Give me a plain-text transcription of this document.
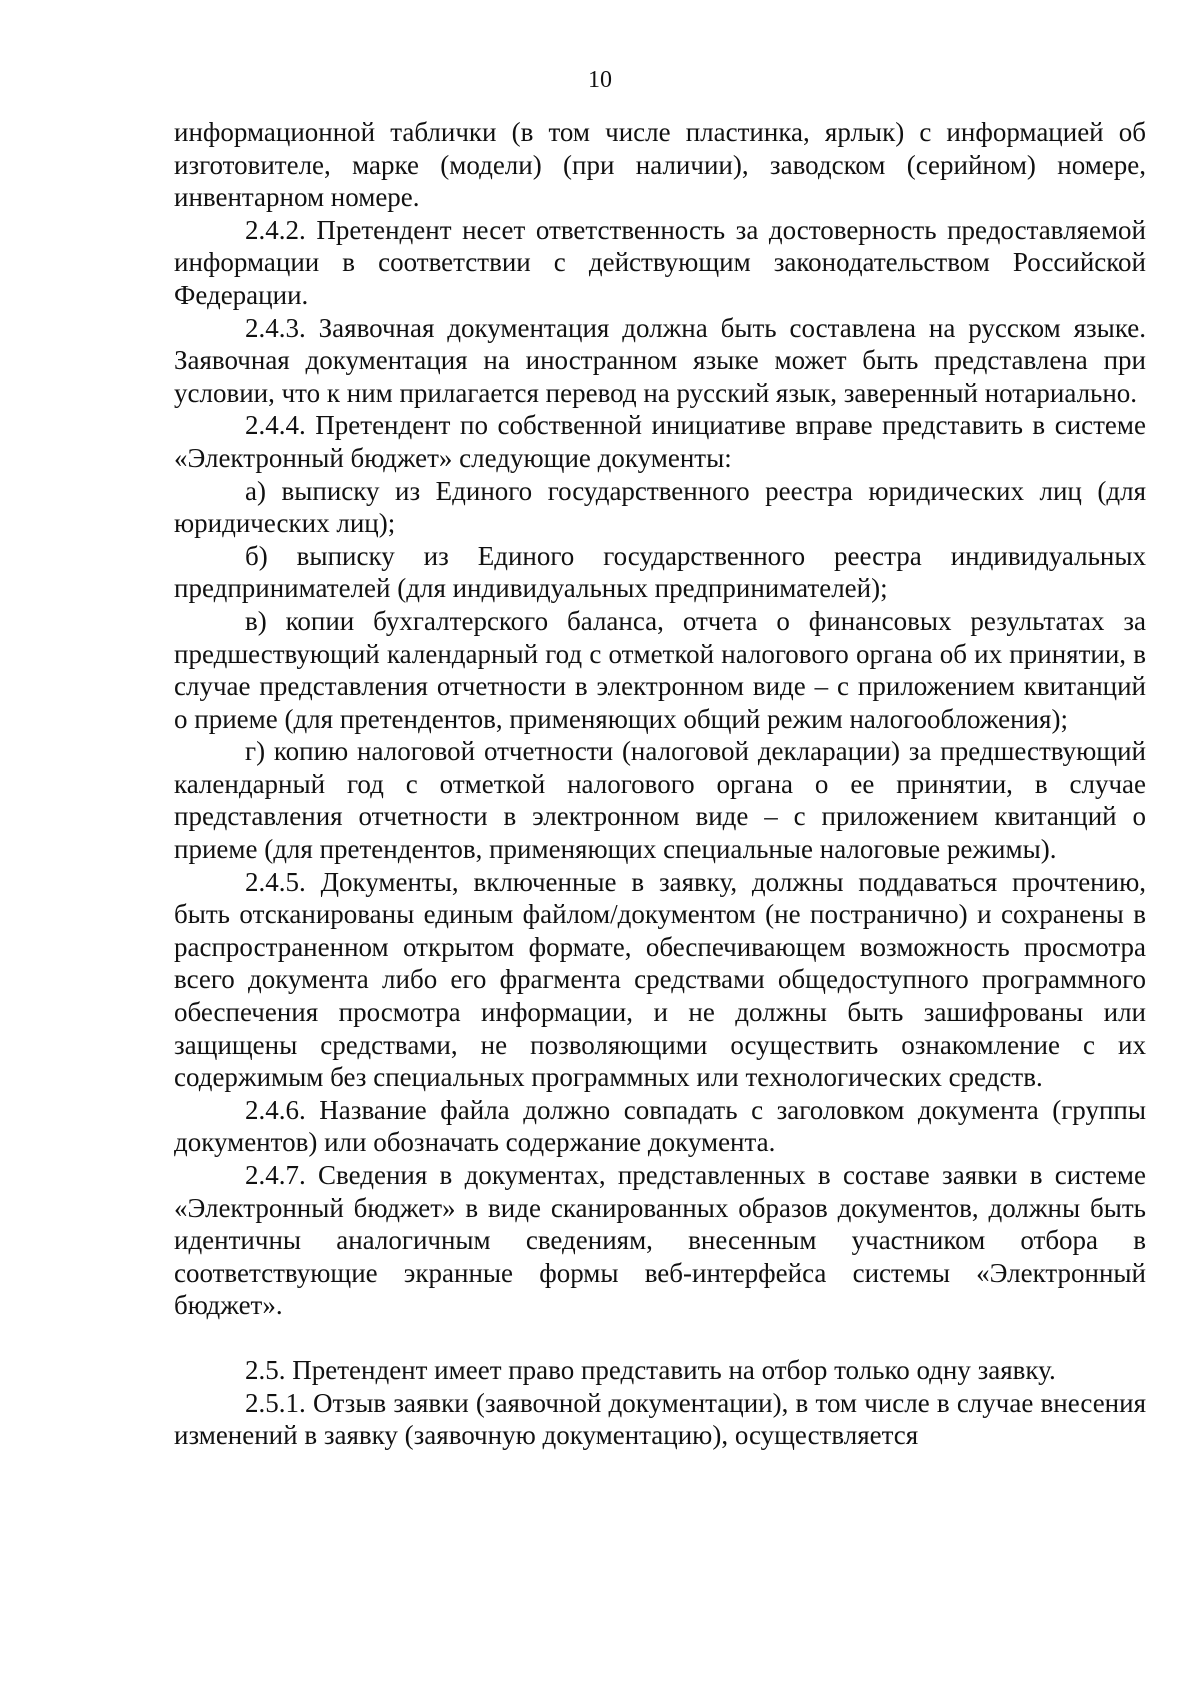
10

информационной таблички (в том числе пластинка, ярлык) с информацией об изготовителе, марке (модели) (при наличии), заводском (серийном) номере, инвентарном номере.

2.4.2. Претендент несет ответственность за достоверность предоставляемой информации в соответствии с действующим законодательством Российской Федерации.

2.4.3. Заявочная документация должна быть составлена на русском языке. Заявочная документация на иностранном языке может быть представлена при условии, что к ним прилагается перевод на русский язык, заверенный нотариально.

2.4.4. Претендент по собственной инициативе вправе представить в системе «Электронный бюджет» следующие документы:

а) выписку из Единого государственного реестра юридических лиц (для юридических лиц);

б) выписку из Единого государственного реестра индивидуальных предпринимателей (для индивидуальных предпринимателей);

в) копии бухгалтерского баланса, отчета о финансовых результатах за предшествующий календарный год с отметкой налогового органа об их принятии, в случае представления отчетности в электронном виде – с приложением квитанций о приеме (для претендентов, применяющих общий режим налогообложения);

г) копию налоговой отчетности (налоговой декларации) за предшествующий календарный год с отметкой налогового органа о ее принятии, в случае представления отчетности в электронном виде – с приложением квитанций о приеме (для претендентов, применяющих специальные налоговые режимы).

2.4.5. Документы, включенные в заявку, должны поддаваться прочтению, быть отсканированы единым файлом/документом (не постранично) и сохранены в распространенном открытом формате, обеспечивающем возможность просмотра всего документа либо его фрагмента средствами общедоступного программного обеспечения просмотра информации, и не должны быть зашифрованы или защищены средствами, не позволяющими осуществить ознакомление с их содержимым без специальных программных или технологических средств.

2.4.6. Название файла должно совпадать с заголовком документа (группы документов) или обозначать содержание документа.

2.4.7. Сведения в документах, представленных в составе заявки в системе «Электронный бюджет» в виде сканированных образов документов, должны быть идентичны аналогичным сведениям, внесенным участником отбора в соответствующие экранные формы веб-интерфейса системы «Электронный бюджет».

2.5. Претендент имеет право представить на отбор только одну заявку.

2.5.1. Отзыв заявки (заявочной документации), в том числе в случае внесения изменений в заявку (заявочную документацию), осуществляется
